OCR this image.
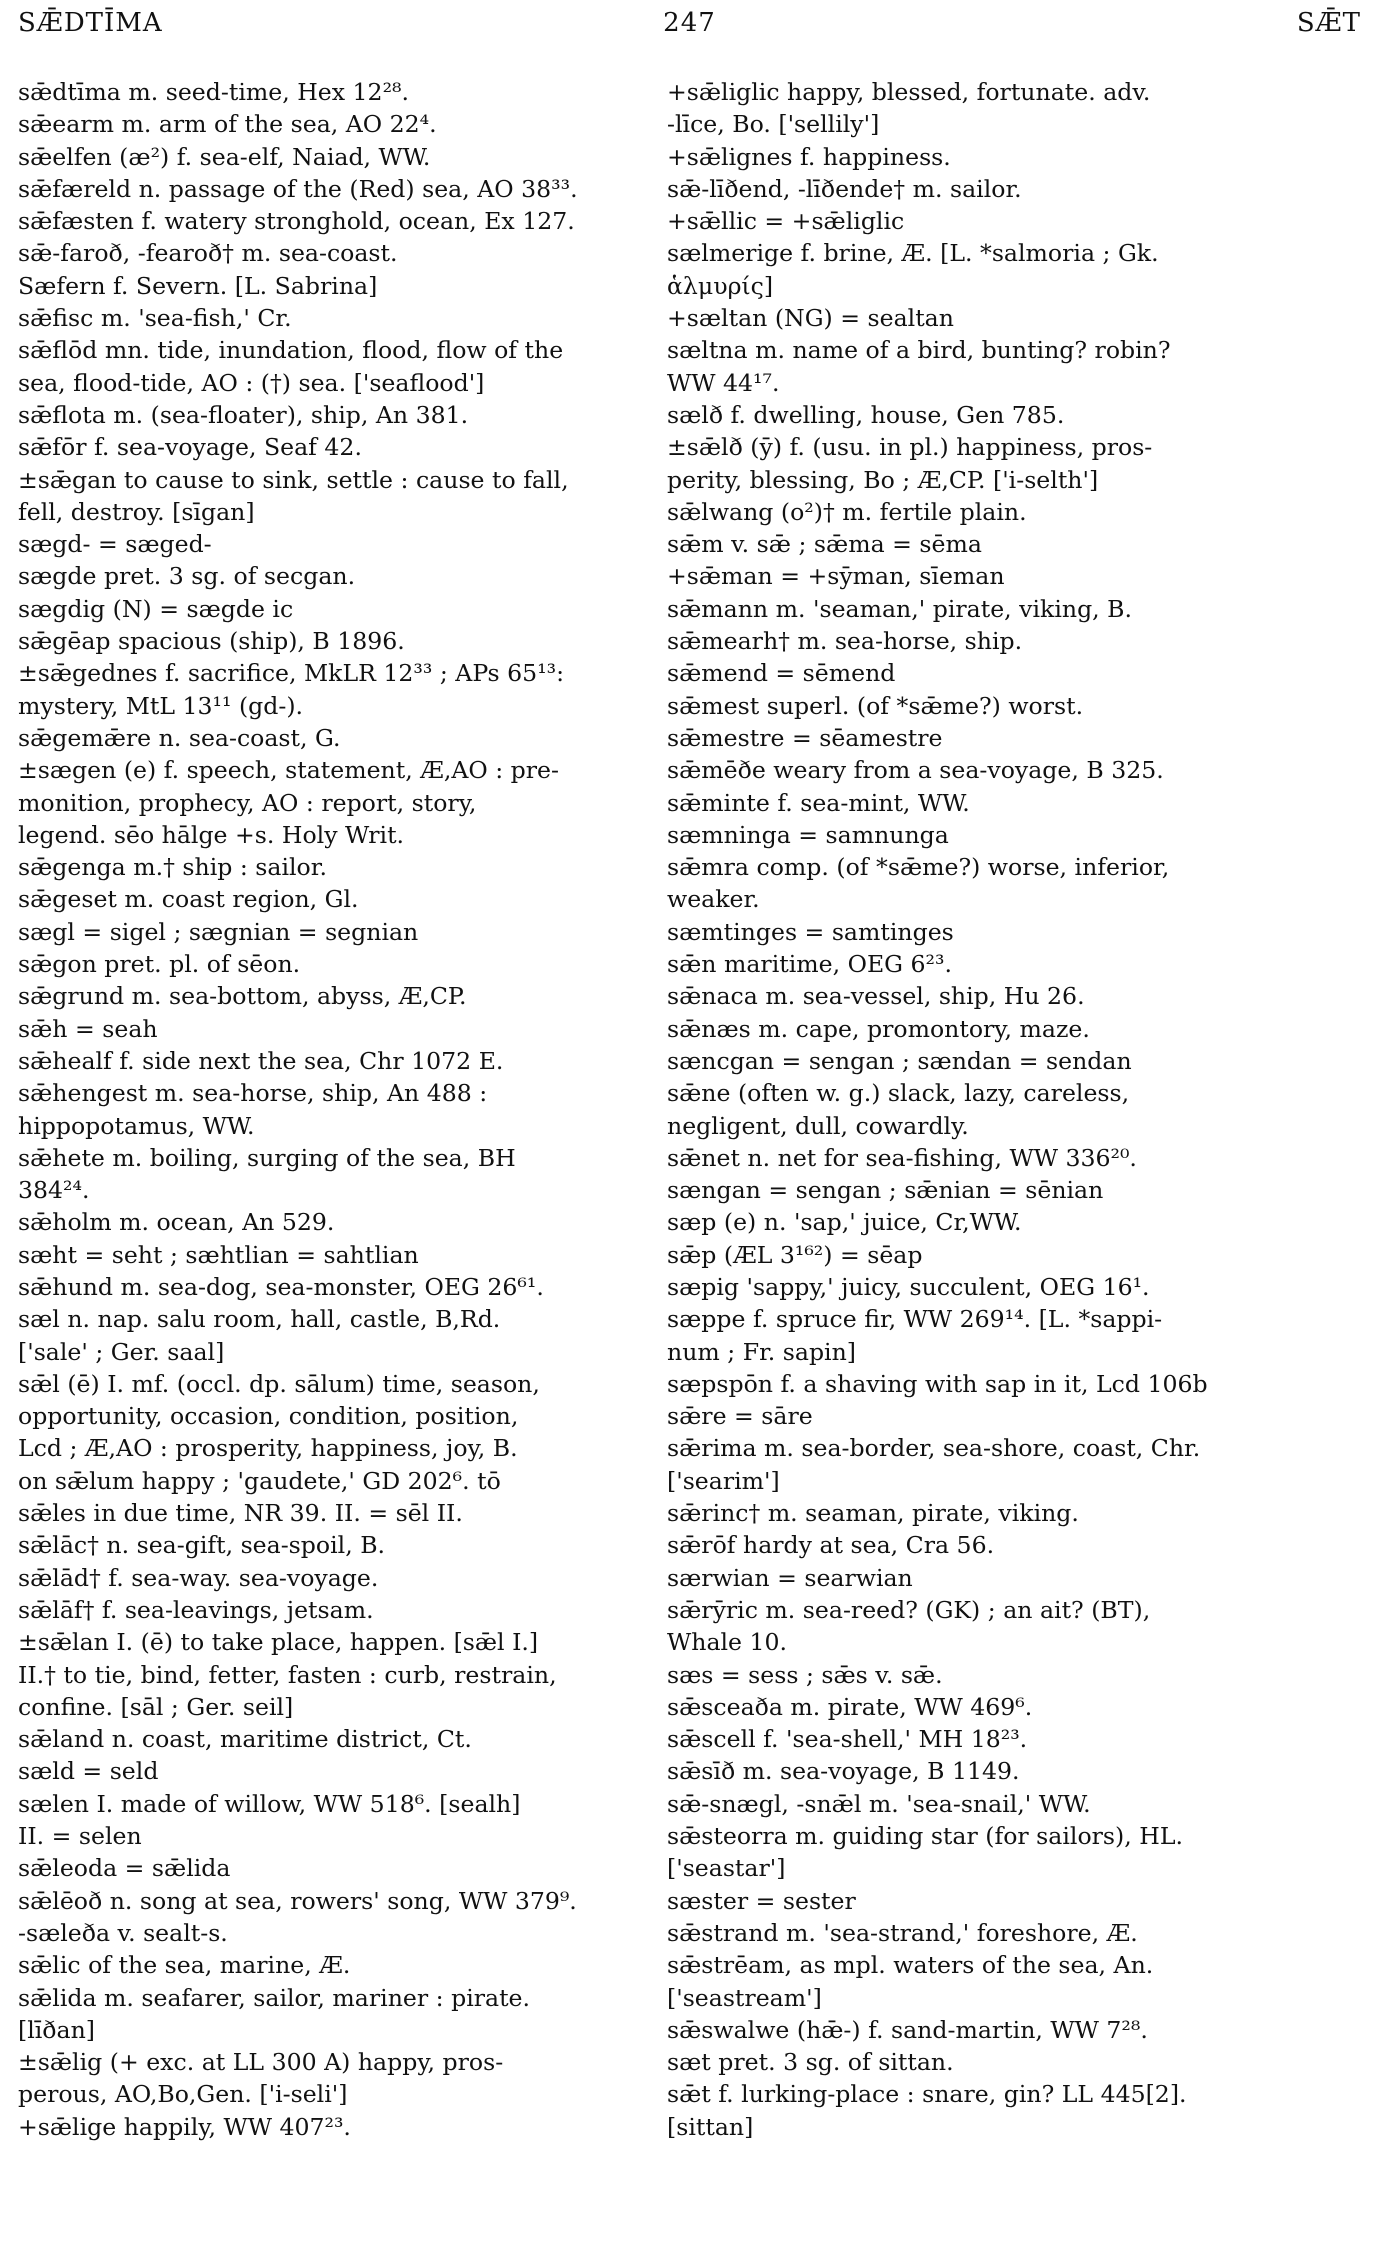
SǢDTĪMA	247	SǢT
sǣdtīma m. seed-time, Hex 12²⁸.
sǣearm m. arm of the sea, AO 22⁴.
sǣelfen (æ²) f. sea-elf, Naiad, WW.
sǣfæreld n. passage of the (Red) sea, AO 38³³.
sǣfæsten f. watery stronghold, ocean, Ex 127.
sǣ-faroð, -fearoð† m. sea-coast.
Sæfern f. Severn. [L. Sabrina]
sǣfisc m. 'sea-fish,' Cr.
sǣflōd mn. tide, inundation, flood, flow of the
sea, flood-tide, AO : (†) sea. ['seaflood']
sǣflota m. (sea-floater), ship, An 381.
sǣfōr f. sea-voyage, Seaf 42.
±sǣgan to cause to sink, settle : cause to fall,
fell, destroy. [sīgan]
sægd- = sæged-
sægde pret. 3 sg. of secgan.
sægdig (N) = sægde ic
sǣgēap spacious (ship), B 1896.
±sǣgednes f. sacrifice, MkLR 12³³ ; APs 65¹³:
mystery, MtL 13¹¹ (gd-).
sǣgemǣre n. sea-coast, G.
±sægen (e) f. speech, statement, Æ,AO : pre-
monition, prophecy, AO : report, story,
legend. sēo hālge +s. Holy Writ.
sǣgenga m.† ship : sailor.
sǣgeset m. coast region, Gl.
sægl = sigel ; sægnian = segnian
sǣgon pret. pl. of sēon.
sǣgrund m. sea-bottom, abyss, Æ,CP.
sǣh = seah
sǣhealf f. side next the sea, Chr 1072 E.
sǣhengest m. sea-horse, ship, An 488 :
hippopotamus, WW.
sǣhete m. boiling, surging of the sea, BH
384²⁴.
sǣholm m. ocean, An 529.
sæht = seht ; sæhtlian = sahtlian
sǣhund m. sea-dog, sea-monster, OEG 26⁶¹.
sæl n. nap. salu room, hall, castle, B,Rd.
['sale' ; Ger. saal]
sǣl (ē) I. mf. (occl. dp. sālum) time, season,
opportunity, occasion, condition, position,
Lcd ; Æ,AO : prosperity, happiness, joy, B.
on sǣlum happy ; 'gaudete,' GD 202⁶. tō
sǣles in due time, NR 39. II. = sēl II.
sǣlāc† n. sea-gift, sea-spoil, B.
sǣlād† f. sea-way. sea-voyage.
sǣlāf† f. sea-leavings, jetsam.
±sǣlan I. (ē) to take place, happen. [sǣl I.]
II.† to tie, bind, fetter, fasten : curb, restrain,
confine. [sāl ; Ger. seil]
sǣland n. coast, maritime district, Ct.
sæld = seld
sælen I. made of willow, WW 518⁶. [sealh]
II. = selen
sǣleoda = sǣlida
sǣlēoð n. song at sea, rowers' song, WW 379⁹.
-sæleða v. sealt-s.
sǣlic of the sea, marine, Æ.
sǣlida m. seafarer, sailor, mariner : pirate.
[līðan]
±sǣlig (+ exc. at LL 300 A) happy, pros-
perous, AO,Bo,Gen. ['i-seli']
+sǣlige happily, WW 407²³.
+sǣliglic happy, blessed, fortunate. adv.
-līce, Bo. ['sellily']
+sǣlignes f. happiness.
sǣ-līðend, -līðende† m. sailor.
+sǣllic = +sǣliglic
sælmerige f. brine, Æ. [L. *salmoria ; Gk.
ἁλμυρίς]
+sæltan (NG) = sealtan
sæltna m. name of a bird, bunting? robin?
WW 44¹⁷.
sælð f. dwelling, house, Gen 785.
±sǣlð (ȳ) f. (usu. in pl.) happiness, pros-
perity, blessing, Bo ; Æ,CP. ['i-selth']
sǣlwang (o²)† m. fertile plain.
sǣm v. sǣ ; sǣma = sēma
+sǣman = +sȳman, sīeman
sǣmann m. 'seaman,' pirate, viking, B.
sǣmearh† m. sea-horse, ship.
sǣmend = sēmend
sǣmest superl. (of *sǣme?) worst.
sǣmestre = sēamestre
sǣmēðe weary from a sea-voyage, B 325.
sǣminte f. sea-mint, WW.
sæmninga = samnunga
sǣmra comp. (of *sǣme?) worse, inferior,
weaker.
sæmtinges = samtinges
sǣn maritime, OEG 6²³.
sǣnaca m. sea-vessel, ship, Hu 26.
sǣnæs m. cape, promontory, maze.
sæncgan = sengan ; sændan = sendan
sǣne (often w. g.) slack, lazy, careless,
negligent, dull, cowardly.
sǣnet n. net for sea-fishing, WW 336²⁰.
sængan = sengan ; sǣnian = sēnian
sæp (e) n. 'sap,' juice, Cr,WW.
sǣp (ÆL 3¹⁶²) = sēap
sæpig 'sappy,' juicy, succulent, OEG 16¹.
sæppe f. spruce fir, WW 269¹⁴. [L. *sappi-
num ; Fr. sapin]
sæpspōn f. a shaving with sap in it, Lcd 106b
sǣre = sāre
sǣrima m. sea-border, sea-shore, coast, Chr.
['searim']
sǣrinc† m. seaman, pirate, viking.
sǣrōf hardy at sea, Cra 56.
særwian = searwian
sǣrȳric m. sea-reed? (GK) ; an ait? (BT),
Whale 10.
sæs = sess ; sǣs v. sǣ.
sǣsceaða m. pirate, WW 469⁶.
sǣscell f. 'sea-shell,' MH 18²³.
sǣsīð m. sea-voyage, B 1149.
sǣ-snægl, -snǣl m. 'sea-snail,' WW.
sǣsteorra m. guiding star (for sailors), HL.
['seastar']
sæster = sester
sǣstrand m. 'sea-strand,' foreshore, Æ.
sǣstrēam, as mpl. waters of the sea, An.
['seastream']
sǣswalwe (hǣ-) f. sand-martin, WW 7²⁸.
sæt pret. 3 sg. of sittan.
sǣt f. lurking-place : snare, gin? LL 445[2].
[sittan]
